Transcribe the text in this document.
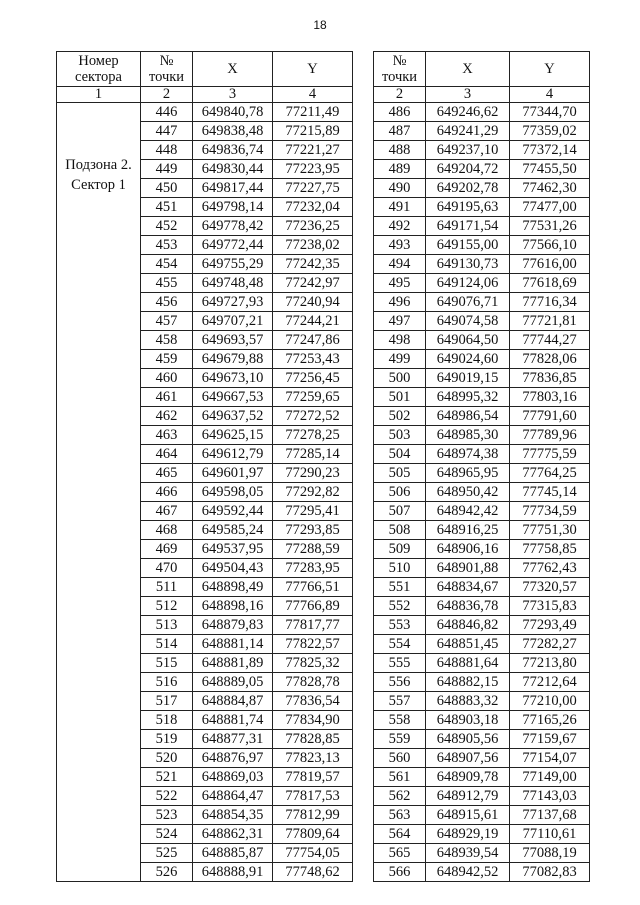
18
Номер сектора	№ точки	X	Y
1	2	3	4

Подзона 2.
Сектор 1	446	649840,78	77211,49
	447	649838,48	77215,89
	448	649836,74	77221,27
	449	649830,44	77223,95
	450	649817,44	77227,75
	451	649798,14	77232,04
	452	649778,42	77236,25
	453	649772,44	77238,02
	454	649755,29	77242,35
	455	649748,48	77242,97
	456	649727,93	77240,94
	457	649707,21	77244,21
	458	649693,57	77247,86
	459	649679,88	77253,43
	460	649673,10	77256,45
	461	649667,53	77259,65
	462	649637,52	77272,52
	463	649625,15	77278,25
	464	649612,79	77285,14
	465	649601,97	77290,23
	466	649598,05	77292,82
	467	649592,44	77295,41
	468	649585,24	77293,85
	469	649537,95	77288,59
	470	649504,43	77283,95
	511	648898,49	77766,51
	512	648898,16	77766,89
	513	648879,83	77817,77
	514	648881,14	77822,57
	515	648881,89	77825,32
	516	648889,05	77828,78
	517	648884,87	77836,54
	518	648881,74	77834,90
	519	648877,31	77828,85
	520	648876,97	77823,13
	521	648869,03	77819,57
	522	648864,47	77817,53
	523	648854,35	77812,99
	524	648862,31	77809,64
	525	648885,87	77754,05
	526	648888,91	77748,62
№ точки	X	Y
2	3	4
486	649246,62	77344,70
487	649241,29	77359,02
488	649237,10	77372,14
489	649204,72	77455,50
490	649202,78	77462,30
491	649195,63	77477,00
492	649171,54	77531,26
493	649155,00	77566,10
494	649130,73	77616,00
495	649124,06	77618,69
496	649076,71	77716,34
497	649074,58	77721,81
498	649064,50	77744,27
499	649024,60	77828,06
500	649019,15	77836,85
501	648995,32	77803,16
502	648986,54	77791,60
503	648985,30	77789,96
504	648974,38	77775,59
505	648965,95	77764,25
506	648950,42	77745,14
507	648942,42	77734,59
508	648916,25	77751,30
509	648906,16	77758,85
510	648901,88	77762,43
551	648834,67	77320,57
552	648836,78	77315,83
553	648846,82	77293,49
554	648851,45	77282,27
555	648881,64	77213,80
556	648882,15	77212,64
557	648883,32	77210,00
558	648903,18	77165,26
559	648905,56	77159,67
560	648907,56	77154,07
561	648909,78	77149,00
562	648912,79	77143,03
563	648915,61	77137,68
564	648929,19	77110,61
565	648939,54	77088,19
566	648942,52	77082,83
